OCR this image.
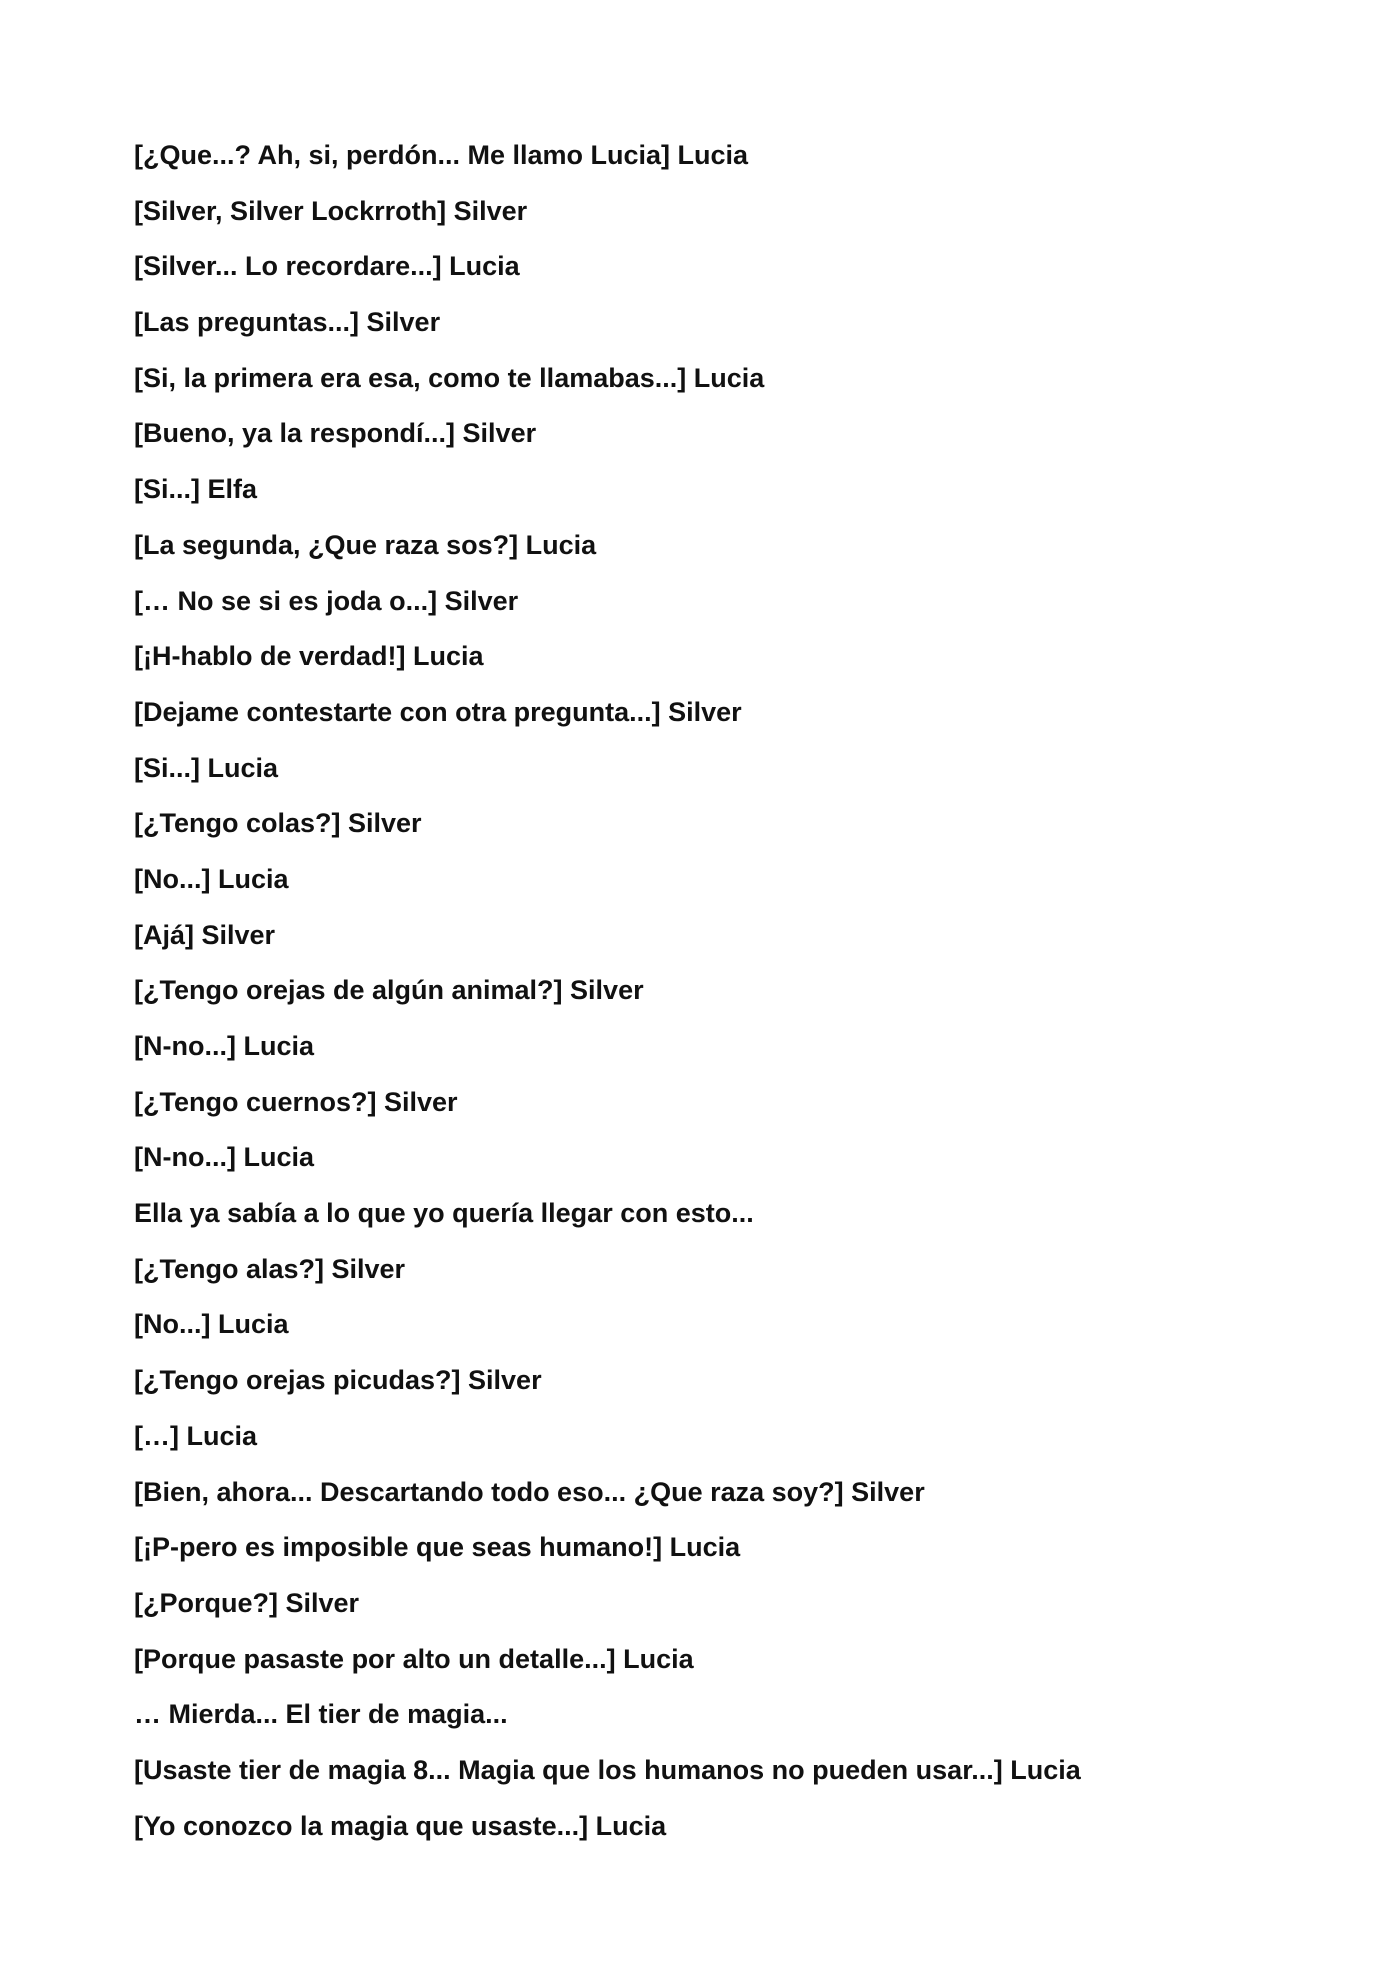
[¿Que...? Ah, si, perdón... Me llamo Lucia] Lucia
[Silver, Silver Lockrroth] Silver
[Silver... Lo recordare...] Lucia
[Las preguntas...] Silver
[Si, la primera era esa, como te llamabas...] Lucia
[Bueno, ya la respondí...] Silver
[Si...] Elfa
[La segunda, ¿Que raza sos?] Lucia
[… No se si es joda o...] Silver
[¡H-hablo de verdad!] Lucia
[Dejame contestarte con otra pregunta...] Silver
[Si...] Lucia
[¿Tengo colas?] Silver
[No...] Lucia
[Ajá] Silver
[¿Tengo orejas de algún animal?] Silver
[N-no...] Lucia
[¿Tengo cuernos?] Silver
[N-no...] Lucia
Ella ya sabía a lo que yo quería llegar con esto...
[¿Tengo alas?] Silver
[No...] Lucia
[¿Tengo orejas picudas?] Silver
[…] Lucia
[Bien, ahora... Descartando todo eso... ¿Que raza soy?] Silver
[¡P-pero es imposible que seas humano!] Lucia
[¿Porque?] Silver
[Porque pasaste por alto un detalle...] Lucia
… Mierda... El tier de magia...
[Usaste tier de magia 8... Magia que los humanos no pueden usar...] Lucia
[Yo conozco la magia que usaste...] Lucia
